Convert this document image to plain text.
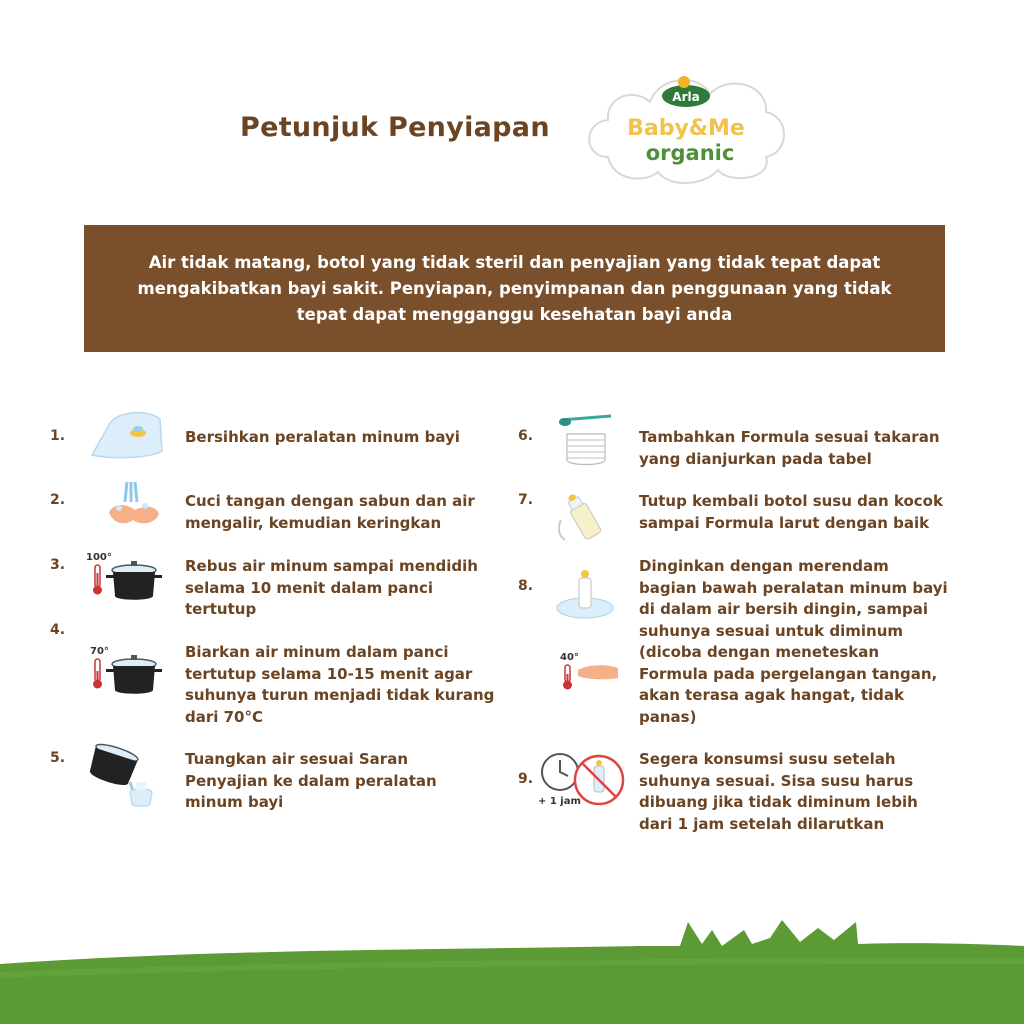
Petunjuk Penyiapan
Arla
Baby&Me
organic
Air tidak matang, botol yang tidak steril dan penyajian yang tidak tepat dapat mengakibatkan bayi sakit. Penyiapan, penyimpanan dan penggunaan yang tidak tepat dapat mengganggu kesehatan bayi anda
1.	Bersihkan peralatan minum bayi
2.	Cuci tangan dengan sabun dan air mengalir, kemudian keringkan
3. 100°	Rebus air minum sampai mendidih selama 10 menit dalam panci tertutup
4.
70°	Biarkan air minum dalam panci tertutup selama 10-15 menit agar suhunya turun menjadi tidak kurang dari 70°C
5.	Tuangkan air sesuai Saran Penyajian ke dalam peralatan minum bayi
6.	Tambahkan Formula sesuai takaran yang dianjurkan pada tabel
7.	Tutup kembali botol susu dan kocok sampai Formula larut dengan baik
8.
40°
Dinginkan dengan merendam bagian bawah peralatan minum bayi di dalam air bersih dingin, sampai suhunya sesuai untuk diminum (dicoba dengan meneteskan Formula pada pergelangan tangan, akan terasa agak hangat, tidak panas)
9.
+ 1 jam
Segera konsumsi susu setelah suhunya sesuai. Sisa susu harus dibuang jika tidak diminum lebih dari 1 jam setelah dilarutkan
